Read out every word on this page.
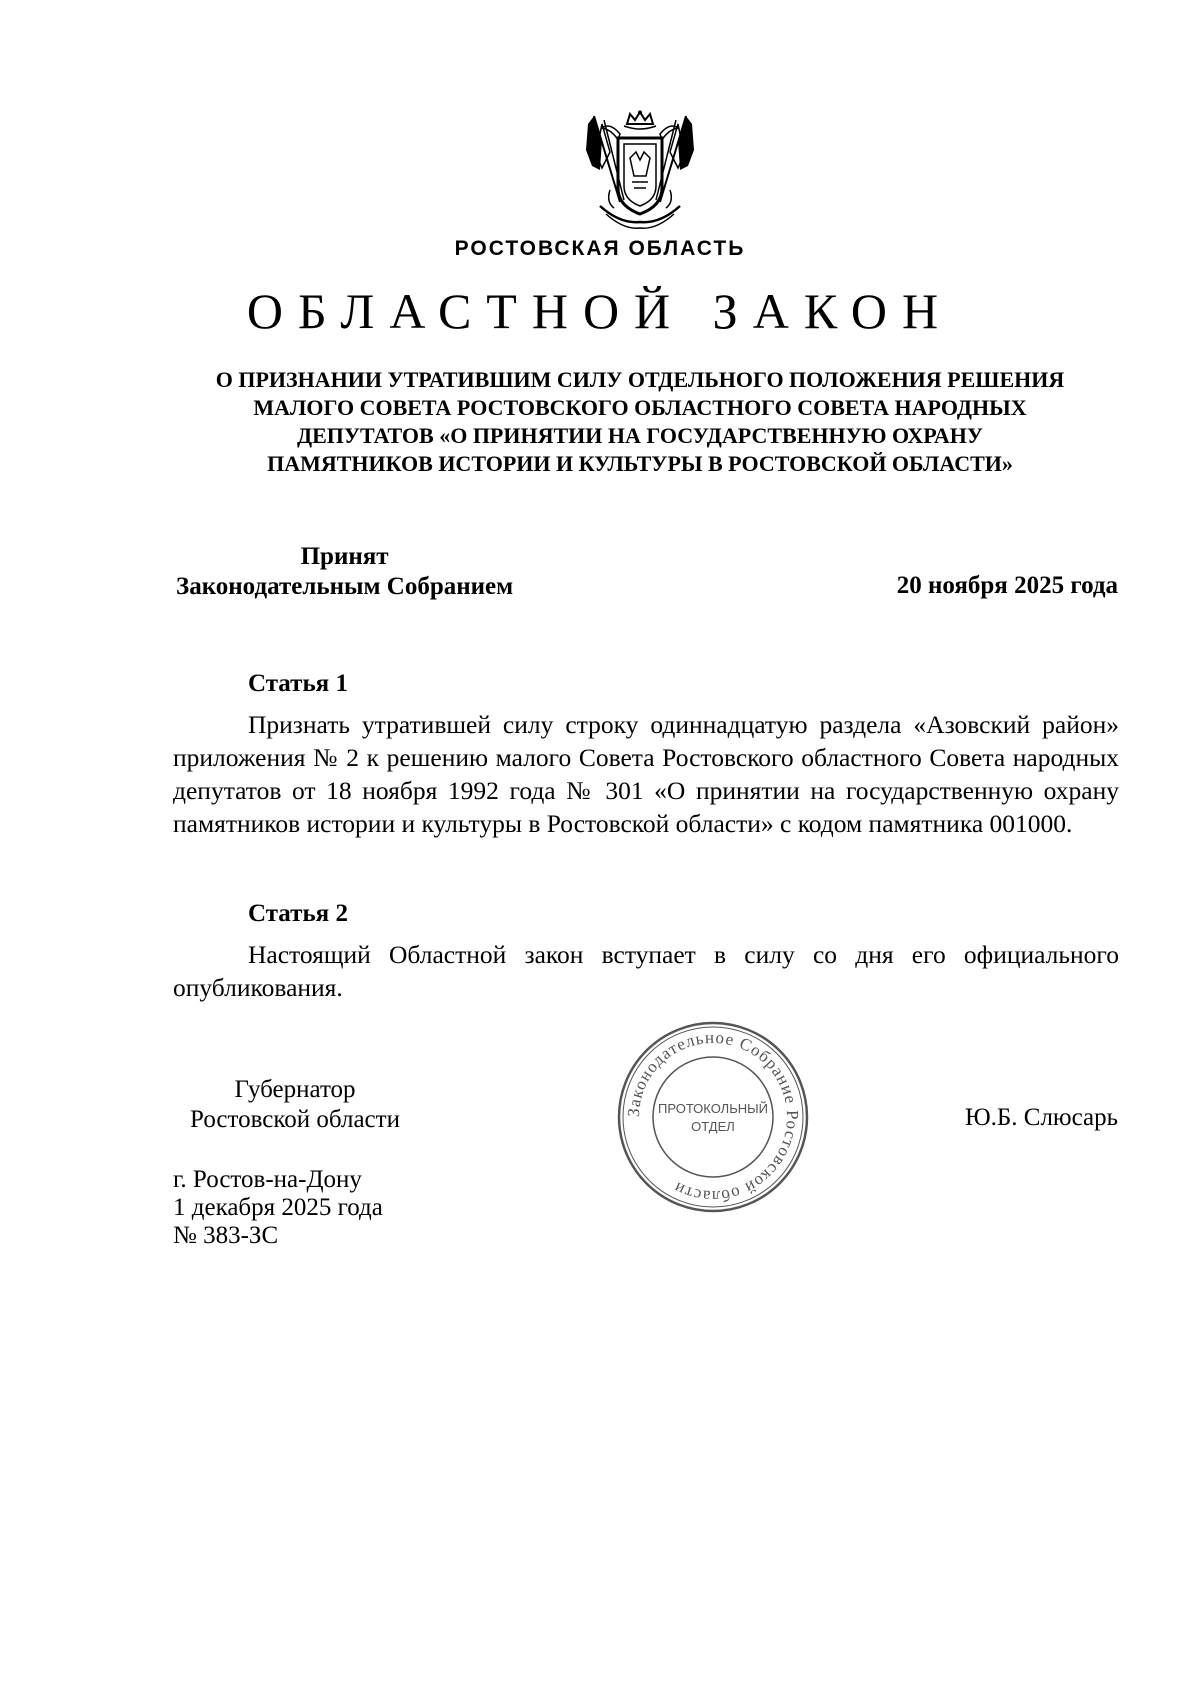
РОСТОВСКАЯ ОБЛАСТЬ
ОБЛАСТНОЙ ЗАКОН
О ПРИЗНАНИИ УТРАТИВШИМ СИЛУ ОТДЕЛЬНОГО ПОЛОЖЕНИЯ РЕШЕНИЯ
МАЛОГО СОВЕТА РОСТОВСКОГО ОБЛАСТНОГО СОВЕТА НАРОДНЫХ
ДЕПУТАТОВ «О ПРИНЯТИИ НА ГОСУДАРСТВЕННУЮ ОХРАНУ
ПАМЯТНИКОВ ИСТОРИИ И КУЛЬТУРЫ В РОСТОВСКОЙ ОБЛАСТИ»
Принят
Законодательным Собранием	20 ноября 2025 года
Статья 1

Признать утратившей силу строку одиннадцатую раздела «Азовский район» приложения № 2 к решению малого Совета Ростовского областного Совета народных депутатов от 18 ноября 1992 года № 301 «О принятии на государственную охрану памятников истории и культуры в Ростовской области» с кодом памятника 001000.

Статья 2

Настоящий Областной закон вступает в силу со дня его официального опубликования.

Губернатор
Ростовской области	Ю.Б. Слюсарь
Законодательное Собрание Ростовской области
ПРОТОКОЛЬНЫЙ
ОТДЕЛ
г. Ростов-на-Дону
1 декабря 2025 года
№ 383-ЗС
